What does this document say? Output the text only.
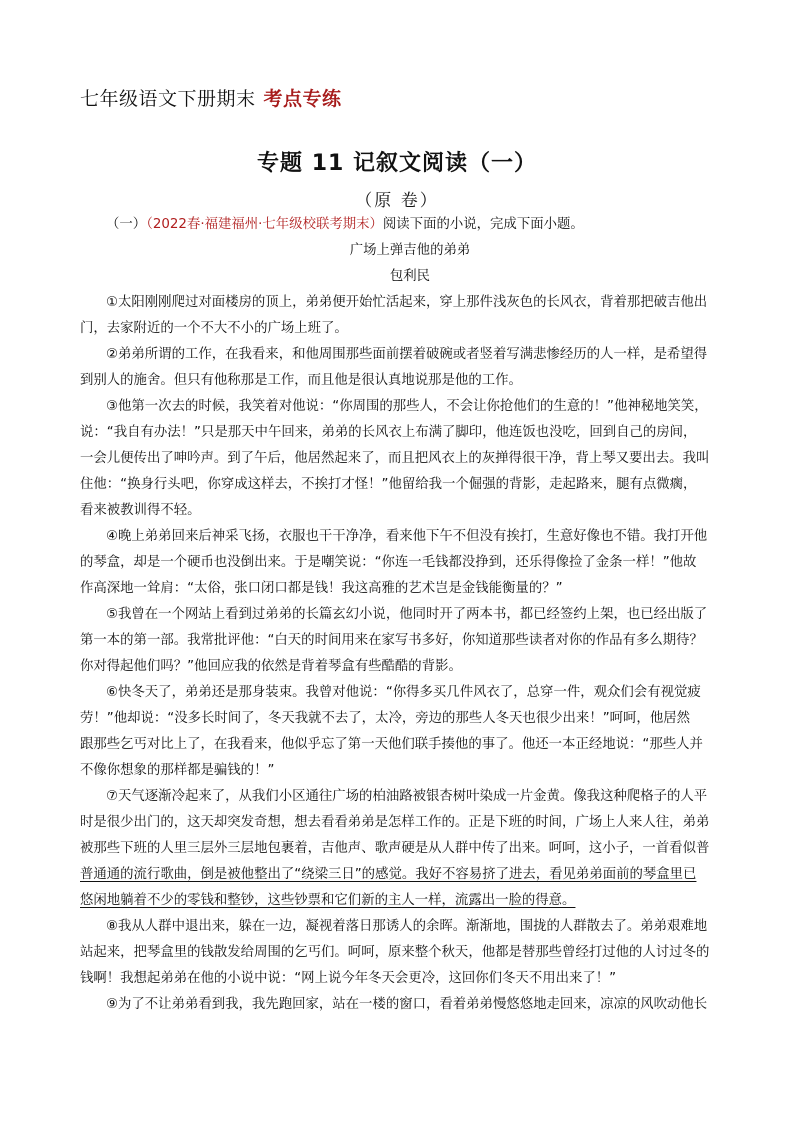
七年级语文下册期末 考点专练
专题 11 记叙文阅读（一）
（原 卷）
（一）（2022春·福建福州·七年级校联考期末）阅读下面的小说，完成下面小题。
广场上弹吉他的弟弟
包利民
①太阳刚刚爬过对面楼房的顶上，弟弟便开始忙活起来，穿上那件浅灰色的长风衣，背着那把破吉他出
门，去家附近的一个不大不小的广场上班了。
②弟弟所谓的工作，在我看来，和他周围那些面前摆着破碗或者竖着写满悲惨经历的人一样，是希望得
到别人的施舍。但只有他称那是工作，而且他是很认真地说那是他的工作。
③他第一次去的时候，我笑着对他说：“你周围的那些人，不会让你抢他们的生意的！”他神秘地笑笑，
说：“我自有办法！”只是那天中午回来，弟弟的长风衣上布满了脚印，他连饭也没吃，回到自己的房间，
一会儿便传出了呻吟声。到了午后，他居然起来了，而且把风衣上的灰掸得很干净，背上琴又要出去。我叫
住他：“换身行头吧，你穿成这样去，不挨打才怪！”他留给我一个倔强的背影，走起路来，腿有点微瘸，
看来被教训得不轻。
④晚上弟弟回来后神采飞扬，衣服也干干净净，看来他下午不但没有挨打，生意好像也不错。我打开他
的琴盒，却是一个硬币也没倒出来。于是嘲笑说：“你连一毛钱都没挣到，还乐得像捡了金条一样！”他故
作高深地一耸肩：“太俗，张口闭口都是钱！我这高雅的艺术岂是金钱能衡量的？”
⑤我曾在一个网站上看到过弟弟的长篇玄幻小说，他同时开了两本书，都已经签约上架，也已经出版了
第一本的第一部。我常批评他：“白天的时间用来在家写书多好，你知道那些读者对你的作品有多么期待？
你对得起他们吗？”他回应我的依然是背着琴盒有些酷酷的背影。
⑥快冬天了，弟弟还是那身装束。我曾对他说：“你得多买几件风衣了，总穿一件，观众们会有视觉疲
劳！”他却说：“没多长时间了，冬天我就不去了，太冷，旁边的那些人冬天也很少出来！”呵呵，他居然
跟那些乞丐对比上了，在我看来，他似乎忘了第一天他们联手揍他的事了。他还一本正经地说：“那些人并
不像你想象的那样都是骗钱的！”
⑦天气逐渐冷起来了，从我们小区通往广场的柏油路被银杏树叶染成一片金黄。像我这种爬格子的人平
时是很少出门的，这天却突发奇想，想去看看弟弟是怎样工作的。正是下班的时间，广场上人来人往，弟弟
被那些下班的人里三层外三层地包裹着，吉他声、歌声硬是从人群中传了出来。呵呵，这小子，一首看似普
普通通的流行歌曲，倒是被他整出了“绕梁三日”的感觉。我好不容易挤了进去，看见弟弟面前的琴盒里已
悠闲地躺着不少的零钱和整钞，这些钞票和它们新的主人一样，流露出一脸的得意。
⑧我从人群中退出来，躲在一边，凝视着落日那诱人的余晖。渐渐地，围拢的人群散去了。弟弟艰难地
站起来，把琴盒里的钱散发给周围的乞丐们。呵呵，原来整个秋天，他都是替那些曾经打过他的人讨过冬的
钱啊！我想起弟弟在他的小说中说：“网上说今年冬天会更冷，这回你们冬天不用出来了！”
⑨为了不让弟弟看到我，我先跑回家，站在一楼的窗口，看着弟弟慢悠悠地走回来，凉凉的风吹动他长
